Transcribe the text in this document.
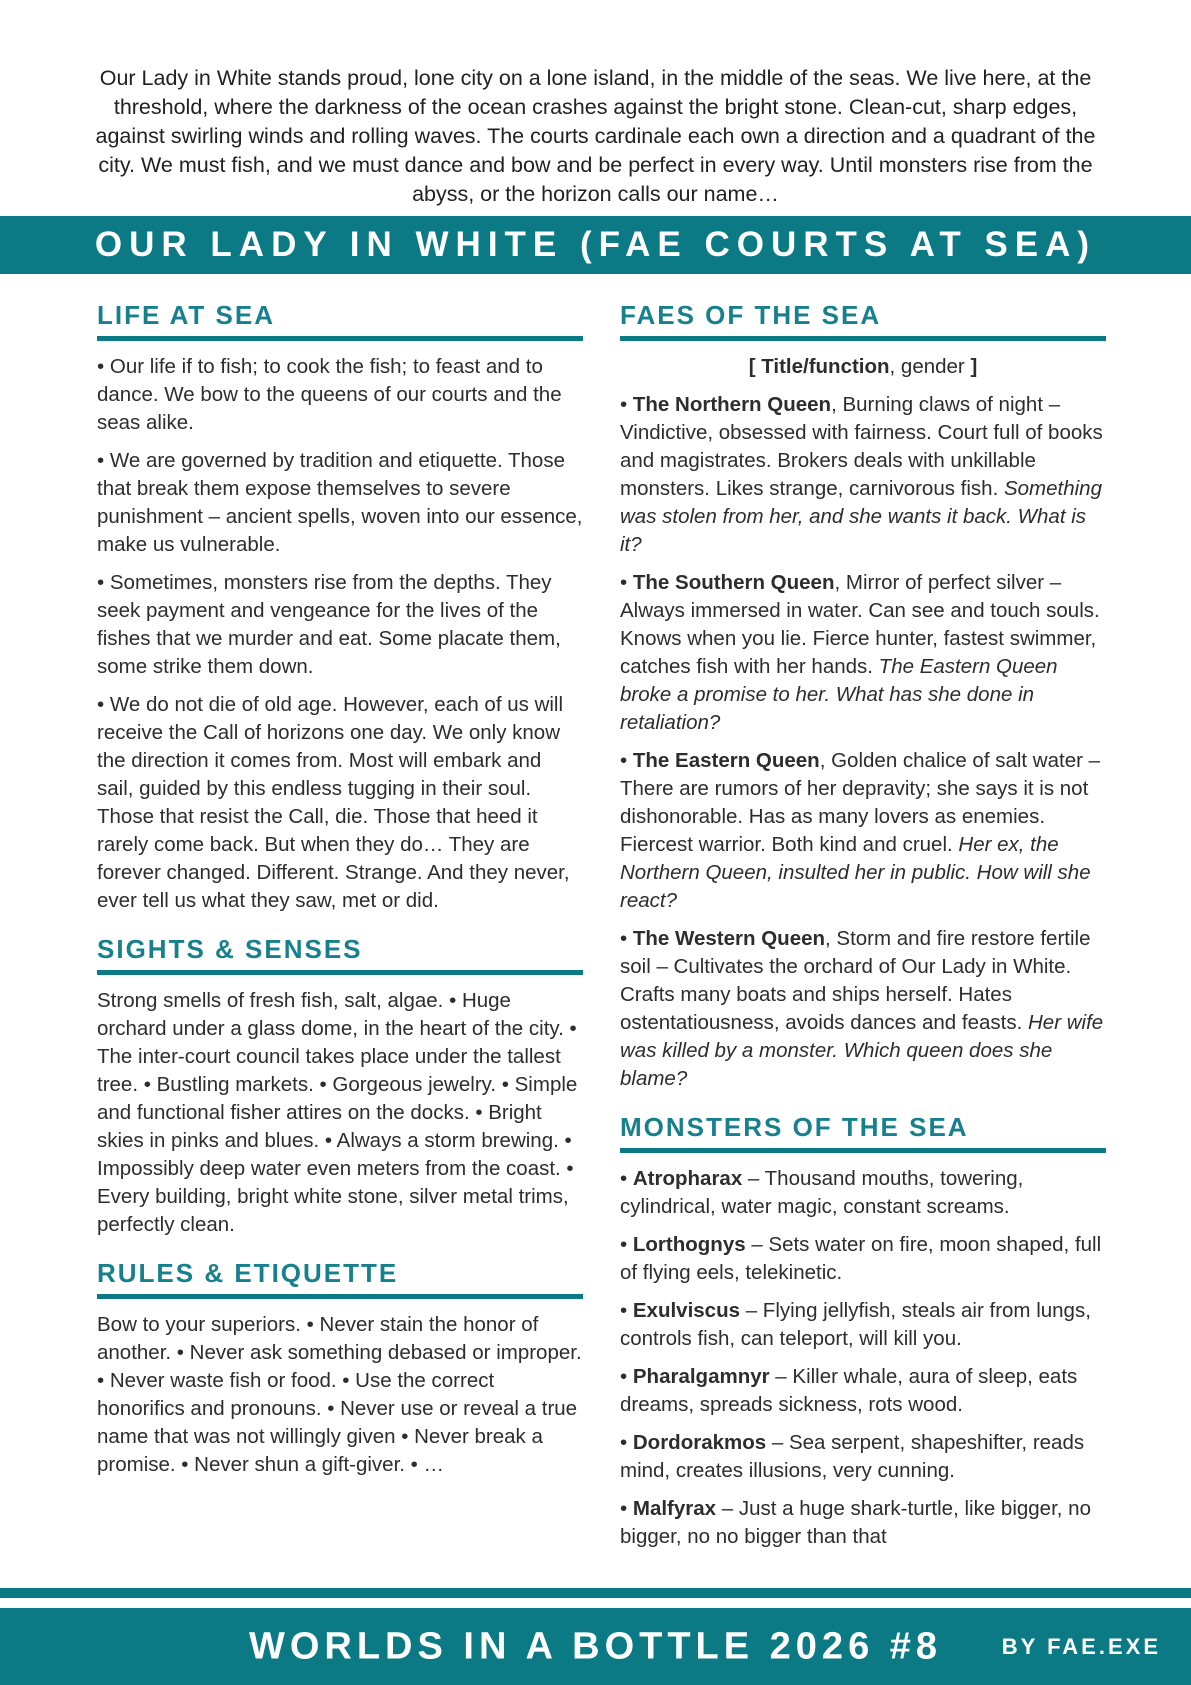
Our Lady in White stands proud, lone city on a lone island, in the middle of the seas. We live here, at the threshold, where the darkness of the ocean crashes against the bright stone. Clean-cut, sharp edges, against swirling winds and rolling waves. The courts cardinale each own a direction and a quadrant of the city. We must fish, and we must dance and bow and be perfect in every way. Until monsters rise from the abyss, or the horizon calls our name…

OUR LADY IN WHITE (FAE COURTS AT SEA)
LIFE AT SEA

• Our life if to fish; to cook the fish; to feast and to dance. We bow to the queens of our courts and the seas alike.

• We are governed by tradition and etiquette. Those that break them expose themselves to severe punishment – ancient spells, woven into our essence, make us vulnerable.

• Sometimes, monsters rise from the depths. They seek payment and vengeance for the lives of the fishes that we murder and eat. Some placate them, some strike them down.

• We do not die of old age. However, each of us will receive the Call of horizons one day. We only know the direction it comes from. Most will embark and sail, guided by this endless tugging in their soul. Those that resist the Call, die. Those that heed it rarely come back. But when they do… They are forever changed. Different. Strange. And they never, ever tell us what they saw, met or did.

SIGHTS & SENSES

Strong smells of fresh fish, salt, algae. • Huge orchard under a glass dome, in the heart of the city. • The inter-court council takes place under the tallest tree. • Bustling markets. • Gorgeous jewelry. • Simple and functional fisher attires on the docks. • Bright skies in pinks and blues. • Always a storm brewing. • Impossibly deep water even meters from the coast. • Every building, bright white stone, silver metal trims, perfectly clean.

RULES & ETIQUETTE

Bow to your superiors. • Never stain the honor of another. • Never ask something debased or improper. • Never waste fish or food. • Use the correct honorifics and pronouns. • Never use or reveal a true name that was not willingly given • Never break a promise. • Never shun a gift-giver. • …

FAES OF THE SEA

[ Title/function, gender ]

• The Northern Queen, Burning claws of night – Vindictive, obsessed with fairness. Court full of books and magistrates. Brokers deals with unkillable monsters. Likes strange, carnivorous fish. Something was stolen from her, and she wants it back. What is it?

• The Southern Queen, Mirror of perfect silver – Always immersed in water. Can see and touch souls. Knows when you lie. Fierce hunter, fastest swimmer, catches fish with her hands. The Eastern Queen broke a promise to her. What has she done in retaliation?

• The Eastern Queen, Golden chalice of salt water – There are rumors of her depravity; she says it is not dishonorable. Has as many lovers as enemies. Fiercest warrior. Both kind and cruel. Her ex, the Northern Queen, insulted her in public. How will she react?

• The Western Queen, Storm and fire restore fertile soil – Cultivates the orchard of Our Lady in White. Crafts many boats and ships herself. Hates ostentatiousness, avoids dances and feasts. Her wife was killed by a monster. Which queen does she blame?

MONSTERS OF THE SEA

• Atropharax – Thousand mouths, towering, cylindrical, water magic, constant screams.

• Lorthognys – Sets water on fire, moon shaped, full of flying eels, telekinetic.

• Exulviscus – Flying jellyfish, steals air from lungs, controls fish, can teleport, will kill you.

• Pharalgamnyr – Killer whale, aura of sleep, eats dreams, spreads sickness, rots wood.

• Dordorakmos – Sea serpent, shapeshifter, reads mind, creates illusions, very cunning.

• Malfyrax – Just a huge shark-turtle, like bigger, no bigger, no no bigger than that

WORLDS IN A BOTTLE 2026 #8	BY FAE.EXE
